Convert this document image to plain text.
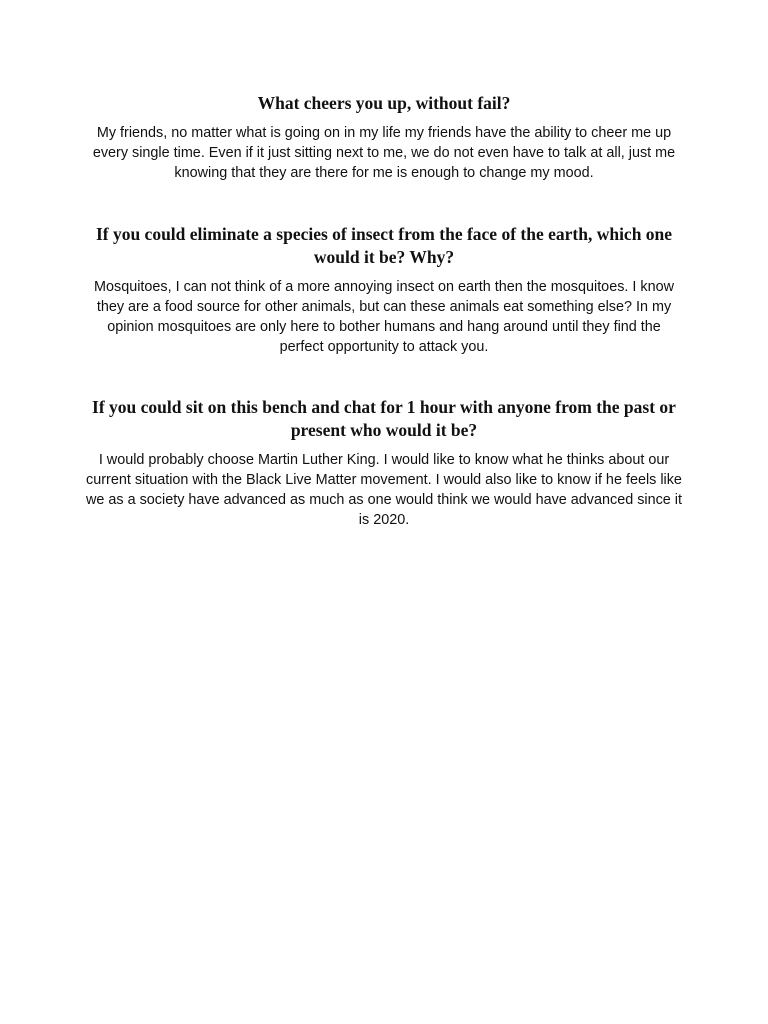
What cheers you up, without fail?

My friends, no matter what is going on in my life my friends have the ability to cheer me up every single time. Even if it just sitting next to me, we do not even have to talk at all, just me knowing that they are there for me is enough to change my mood.

If you could eliminate a species of insect from the face of the earth, which one would it be? Why?

Mosquitoes, I can not think of a more annoying insect on earth then the mosquitoes. I know they are a food source for other animals, but can these animals eat something else? In my opinion mosquitoes are only here to bother humans and hang around until they find the perfect opportunity to attack you.

If you could sit on this bench and chat for 1 hour with anyone from the past or present who would it be?

I would probably choose Martin Luther King. I would like to know what he thinks about our current situation with the Black Live Matter movement. I would also like to know if he feels like we as a society have advanced as much as one would think we would have advanced since it is 2020.
